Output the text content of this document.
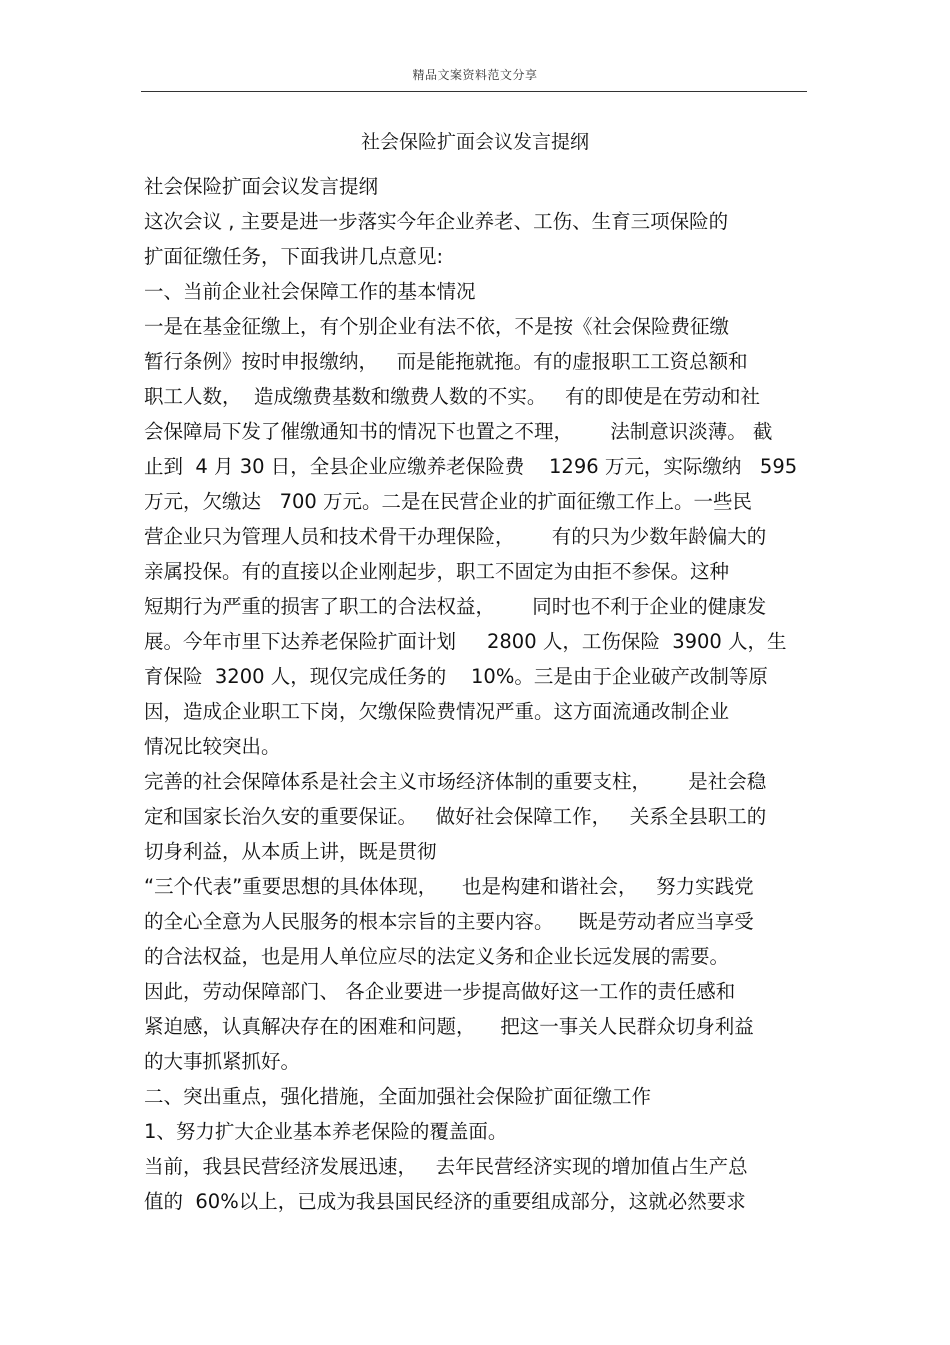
精品文案资料范文分享
社会保险扩面会议发言提纲
社会保险扩面会议发言提纲
这次会议 , 主要是进一步落实今年企业养老、工伤、生育三项保险的
扩面征缴任务，下面我讲几点意见:
一、当前企业社会保障工作的基本情况
一是在基金征缴上，有个别企业有法不依，不是按《社会保险费征缴
暂行条例》按时申报缴纳，   而是能拖就拖。有的虚报职工工资总额和
职工人数，  造成缴费基数和缴费人数的不实。   有的即使是在劳动和社
会保障局下发了催缴通知书的情况下也置之不理，      法制意识淡薄。 截
止到  4 月 30 日，全县企业应缴养老保险费    1296 万元，实际缴纳   595
万元，欠缴达   700 万元。二是在民营企业的扩面征缴工作上。一些民
营企业只为管理人员和技术骨干办理保险，      有的只为少数年龄偏大的
亲属投保。有的直接以企业刚起步，职工不固定为由拒不参保。这种
短期行为严重的损害了职工的合法权益，      同时也不利于企业的健康发
展。今年市里下达养老保险扩面计划     2800 人，工伤保险  3900 人，生
育保险  3200 人，现仅完成任务的    10%。三是由于企业破产改制等原
因，造成企业职工下岗，欠缴保险费情况严重。这方面流通改制企业
情况比较突出。
完善的社会保障体系是社会主义市场经济体制的重要支柱，      是社会稳
定和国家长治久安的重要保证。   做好社会保障工作，   关系全县职工的
切身利益，从本质上讲，既是贯彻
“三个代表”重要思想的具体体现，    也是构建和谐社会，   努力实践党
的全心全意为人民服务的根本宗旨的主要内容。    既是劳动者应当享受
的合法权益，也是用人单位应尽的法定义务和企业长远发展的需要。
因此，劳动保障部门、 各企业要进一步提高做好这一工作的责任感和
紧迫感，认真解决存在的困难和问题，    把这一事关人民群众切身利益
的大事抓紧抓好。
二、突出重点，强化措施，全面加强社会保险扩面征缴工作
1、努力扩大企业基本养老保险的覆盖面。
当前，我县民营经济发展迅速，   去年民营经济实现的增加值占生产总
值的  60%以上，已成为我县国民经济的重要组成部分，这就必然要求
